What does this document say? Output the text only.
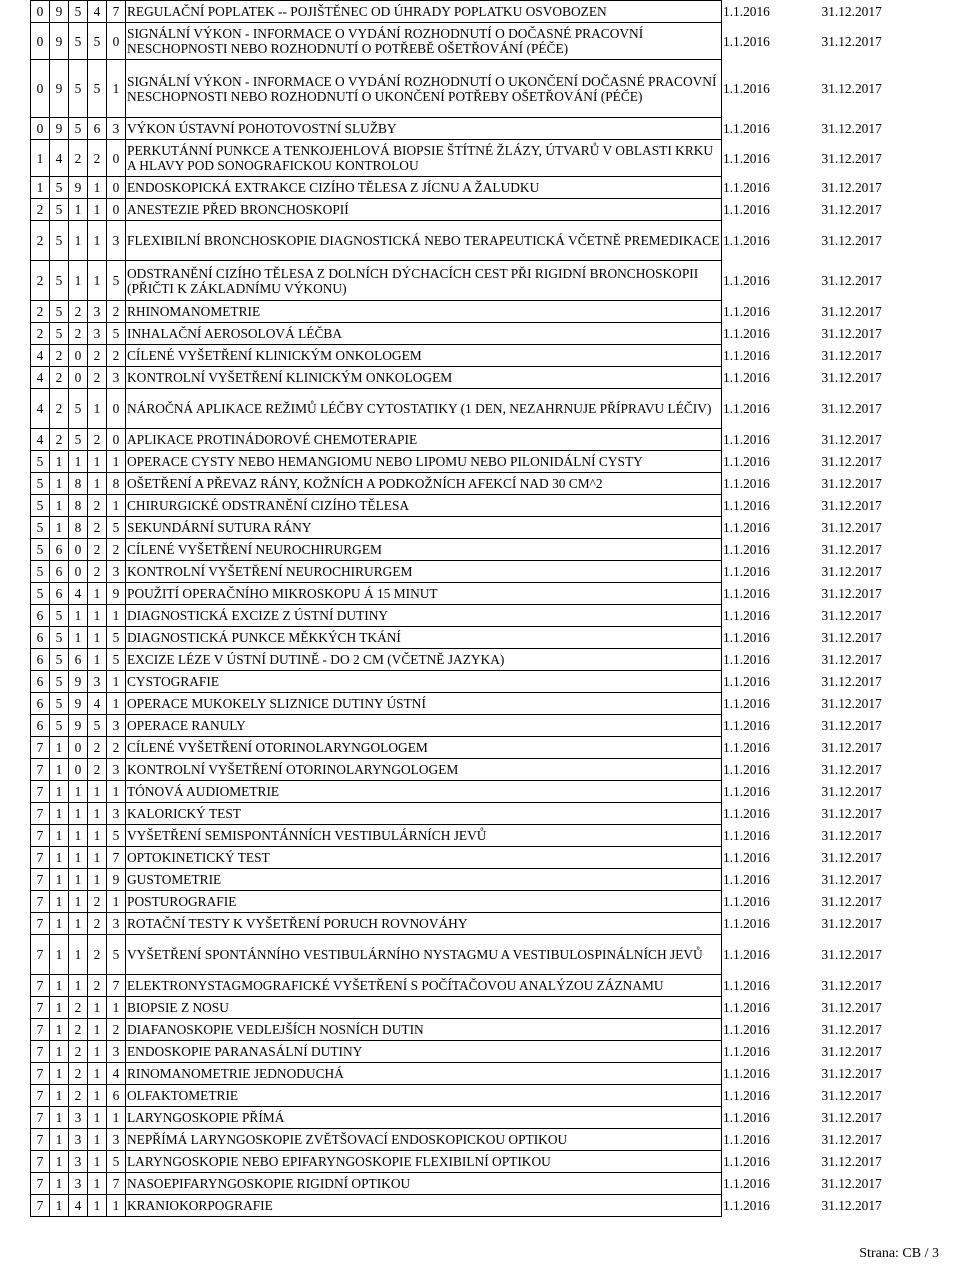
0	9	5	4	7	REGULAČNÍ POPLATEK -- POJIŠTĚNEC OD ÚHRADY POPLATKU OSVOBOZEN	1.1.2016	31.12.2017
0	9	5	5	0	SIGNÁLNÍ VÝKON - INFORMACE O VYDÁNÍ ROZHODNUTÍ O DOČASNÉ PRACOVNÍ NESCHOPNOSTI NEBO ROZHODNUTÍ O POTŘEBĚ OŠETŘOVÁNÍ (PÉČE)	1.1.2016	31.12.2017
0	9	5	5	1	SIGNÁLNÍ VÝKON - INFORMACE O VYDÁNÍ ROZHODNUTÍ O UKONČENÍ DOČASNÉ PRACOVNÍ NESCHOPNOSTI NEBO ROZHODNUTÍ O UKONČENÍ POTŘEBY OŠETŘOVÁNÍ (PÉČE)	1.1.2016	31.12.2017
0	9	5	6	3	VÝKON ÚSTAVNÍ POHOTOVOSTNÍ SLUŽBY	1.1.2016	31.12.2017
1	4	2	2	0	PERKUTÁNNÍ PUNKCE A TENKOJEHLOVÁ BIOPSIE ŠTÍTNÉ ŽLÁZY, ÚTVARŮ V OBLASTI KRKU A HLAVY POD SONOGRAFICKOU KONTROLOU	1.1.2016	31.12.2017
1	5	9	1	0	ENDOSKOPICKÁ EXTRAKCE CIZÍHO TĚLESA Z JÍCNU A ŽALUDKU	1.1.2016	31.12.2017
2	5	1	1	0	ANESTEZIE PŘED BRONCHOSKOPIÍ	1.1.2016	31.12.2017
2	5	1	1	3	FLEXIBILNÍ BRONCHOSKOPIE DIAGNOSTICKÁ NEBO TERAPEUTICKÁ VČETNĚ PREMEDIKACE	1.1.2016	31.12.2017
2	5	1	1	5	ODSTRANĚNÍ CIZÍHO TĚLESA Z DOLNÍCH DÝCHACÍCH CEST PŘI RIGIDNÍ BRONCHOSKOPII (PŘIČTI K ZÁKLADNÍMU VÝKONU)	1.1.2016	31.12.2017
2	5	2	3	2	RHINOMANOMETRIE	1.1.2016	31.12.2017
2	5	2	3	5	INHALAČNÍ AEROSOLOVÁ LÉČBA	1.1.2016	31.12.2017
4	2	0	2	2	CÍLENÉ VYŠETŘENÍ KLINICKÝM ONKOLOGEM	1.1.2016	31.12.2017
4	2	0	2	3	KONTROLNÍ VYŠETŘENÍ KLINICKÝM ONKOLOGEM	1.1.2016	31.12.2017
4	2	5	1	0	NÁROČNÁ APLIKACE REŽIMŮ LÉČBY CYTOSTATIKY (1 DEN, NEZAHRNUJE PŘÍPRAVU LÉČIV)	1.1.2016	31.12.2017
4	2	5	2	0	APLIKACE PROTINÁDOROVÉ CHEMOTERAPIE	1.1.2016	31.12.2017
5	1	1	1	1	OPERACE CYSTY NEBO HEMANGIOMU NEBO LIPOMU NEBO PILONIDÁLNÍ CYSTY	1.1.2016	31.12.2017
5	1	8	1	8	OŠETŘENÍ A PŘEVAZ RÁNY, KOŽNÍCH A PODKOŽNÍCH AFEKCÍ NAD 30 CM^2	1.1.2016	31.12.2017
5	1	8	2	1	CHIRURGICKÉ ODSTRANĚNÍ CIZÍHO TĚLESA	1.1.2016	31.12.2017
5	1	8	2	5	SEKUNDÁRNÍ SUTURA RÁNY	1.1.2016	31.12.2017
5	6	0	2	2	CÍLENÉ VYŠETŘENÍ NEUROCHIRURGEM	1.1.2016	31.12.2017
5	6	0	2	3	KONTROLNÍ VYŠETŘENÍ NEUROCHIRURGEM	1.1.2016	31.12.2017
5	6	4	1	9	POUŽITÍ OPERAČNÍHO MIKROSKOPU Á 15 MINUT	1.1.2016	31.12.2017
6	5	1	1	1	DIAGNOSTICKÁ EXCIZE Z ÚSTNÍ DUTINY	1.1.2016	31.12.2017
6	5	1	1	5	DIAGNOSTICKÁ PUNKCE MĚKKÝCH TKÁNÍ	1.1.2016	31.12.2017
6	5	6	1	5	EXCIZE LÉZE V ÚSTNÍ DUTINĚ - DO 2 CM (VČETNĚ JAZYKA)	1.1.2016	31.12.2017
6	5	9	3	1	CYSTOGRAFIE	1.1.2016	31.12.2017
6	5	9	4	1	OPERACE MUKOKELY SLIZNICE DUTINY ÚSTNÍ	1.1.2016	31.12.2017
6	5	9	5	3	OPERACE RANULY	1.1.2016	31.12.2017
7	1	0	2	2	CÍLENÉ VYŠETŘENÍ OTORINOLARYNGOLOGEM	1.1.2016	31.12.2017
7	1	0	2	3	KONTROLNÍ VYŠETŘENÍ OTORINOLARYNGOLOGEM	1.1.2016	31.12.2017
7	1	1	1	1	TÓNOVÁ AUDIOMETRIE	1.1.2016	31.12.2017
7	1	1	1	3	KALORICKÝ TEST	1.1.2016	31.12.2017
7	1	1	1	5	VYŠETŘENÍ SEMISPONTÁNNÍCH VESTIBULÁRNÍCH JEVŮ	1.1.2016	31.12.2017
7	1	1	1	7	OPTOKINETICKÝ TEST	1.1.2016	31.12.2017
7	1	1	1	9	GUSTOMETRIE	1.1.2016	31.12.2017
7	1	1	2	1	POSTUROGRAFIE	1.1.2016	31.12.2017
7	1	1	2	3	ROTAČNÍ TESTY K VYŠETŘENÍ PORUCH ROVNOVÁHY	1.1.2016	31.12.2017
7	1	1	2	5	VYŠETŘENÍ SPONTÁNNÍHO VESTIBULÁRNÍHO NYSTAGMU A VESTIBULOSPINÁLNÍCH JEVŮ	1.1.2016	31.12.2017
7	1	1	2	7	ELEKTRONYSTAGMOGRAFICKÉ VYŠETŘENÍ S POČÍTAČOVOU ANALÝZOU ZÁZNAMU	1.1.2016	31.12.2017
7	1	2	1	1	BIOPSIE Z NOSU	1.1.2016	31.12.2017
7	1	2	1	2	DIAFANOSKOPIE VEDLEJŠÍCH NOSNÍCH DUTIN	1.1.2016	31.12.2017
7	1	2	1	3	ENDOSKOPIE PARANASÁLNÍ DUTINY	1.1.2016	31.12.2017
7	1	2	1	4	RINOMANOMETRIE JEDNODUCHÁ	1.1.2016	31.12.2017
7	1	2	1	6	OLFAKTOMETRIE	1.1.2016	31.12.2017
7	1	3	1	1	LARYNGOSKOPIE PŘÍMÁ	1.1.2016	31.12.2017
7	1	3	1	3	NEPŘÍMÁ LARYNGOSKOPIE ZVĚTŠOVACÍ ENDOSKOPICKOU OPTIKOU	1.1.2016	31.12.2017
7	1	3	1	5	LARYNGOSKOPIE NEBO EPIFARYNGOSKOPIE FLEXIBILNÍ OPTIKOU	1.1.2016	31.12.2017
7	1	3	1	7	NASOEPIFARYNGOSKOPIE RIGIDNÍ OPTIKOU	1.1.2016	31.12.2017
7	1	4	1	1	KRANIOKORPOGRAFIE	1.1.2016	31.12.2017
Strana: CB / 3
